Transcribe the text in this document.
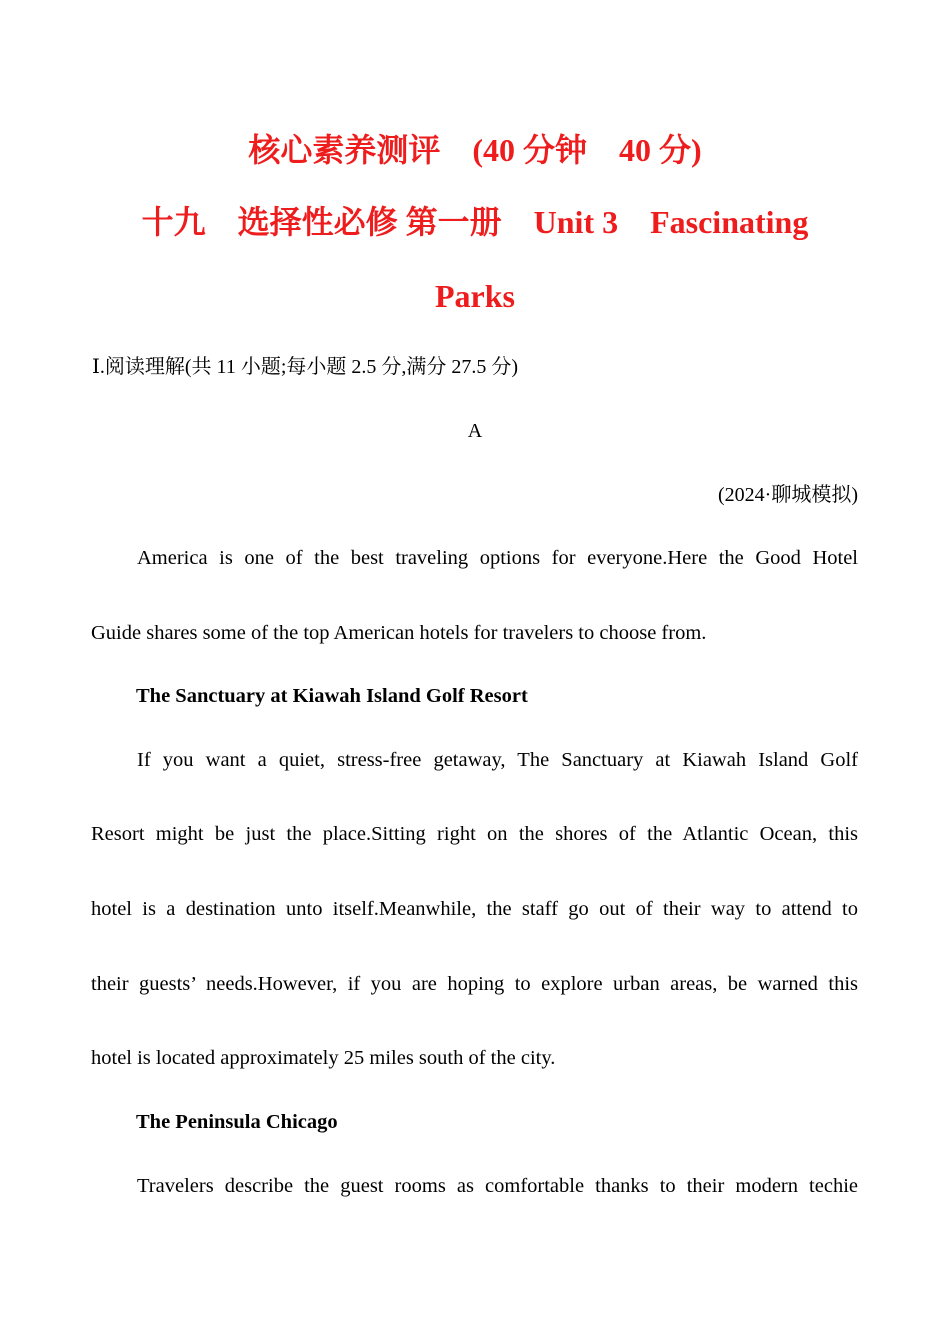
核心素养测评　(40 分钟　40 分)
十九　选择性必修 第一册　Unit 3　Fascinating
Parks
Ⅰ.阅读理解(共 11 小题;每小题 2.5 分,满分 27.5 分)
A
(2024·聊城模拟)
America is one of the best traveling options for everyone.Here the Good Hotel
Guide shares some of the top American hotels for travelers to choose from.
The Sanctuary at Kiawah Island Golf Resort
If you want a quiet, stress-free getaway, The Sanctuary at Kiawah Island Golf
Resort might be just the place.Sitting right on the shores of the Atlantic Ocean, this
hotel is a destination unto itself.Meanwhile, the staff go out of their way to attend to
their guests’ needs.However, if you are hoping to explore urban areas, be warned this
hotel is located approximately 25 miles south of the city.
The Peninsula Chicago
Travelers describe the guest rooms as comfortable thanks to their modern techie
